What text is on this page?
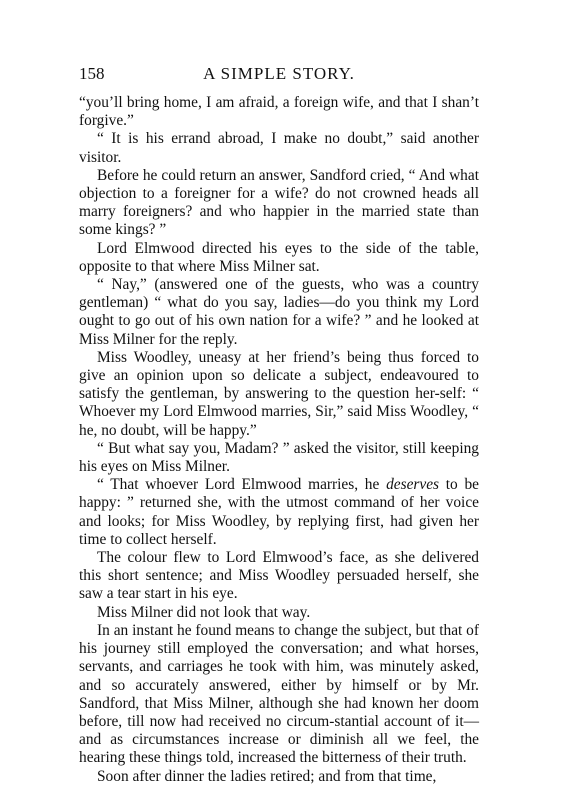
158	A SIMPLE STORY.

“you’ll bring home, I am afraid, a foreign wife, and that I shan’t forgive.”

“ It is his errand abroad, I make no doubt,” said another visitor.

Before he could return an answer, Sandford cried, “ And what objection to a foreigner for a wife? do not crowned heads all marry foreigners? and who happier in the married state than some kings? ”

Lord Elmwood directed his eyes to the side of the table, opposite to that where Miss Milner sat.

“ Nay,” (answered one of the guests, who was a country gentleman) “ what do you say, ladies—do you think my Lord ought to go out of his own nation for a wife? ” and he looked at Miss Milner for the reply.

Miss Woodley, uneasy at her friend’s being thus forced to give an opinion upon so delicate a subject, endeavoured to satisfy the gentleman, by answering to the question her-self: “ Whoever my Lord Elmwood marries, Sir,” said Miss Woodley, “ he, no doubt, will be happy.”

“ But what say you, Madam? ” asked the visitor, still keeping his eyes on Miss Milner.

“ That whoever Lord Elmwood marries, he deserves to be happy: ” returned she, with the utmost command of her voice and looks; for Miss Woodley, by replying first, had given her time to collect herself.

The colour flew to Lord Elmwood’s face, as she delivered this short sentence; and Miss Woodley persuaded herself, she saw a tear start in his eye.

Miss Milner did not look that way.

In an instant he found means to change the subject, but that of his journey still employed the conversation; and what horses, servants, and carriages he took with him, was minutely asked, and so accurately answered, either by himself or by Mr. Sandford, that Miss Milner, although she had known her doom before, till now had received no circum-stantial account of it—and as circumstances increase or diminish all we feel, the hearing these things told, increased the bitterness of their truth.

Soon after dinner the ladies retired; and from that time,
